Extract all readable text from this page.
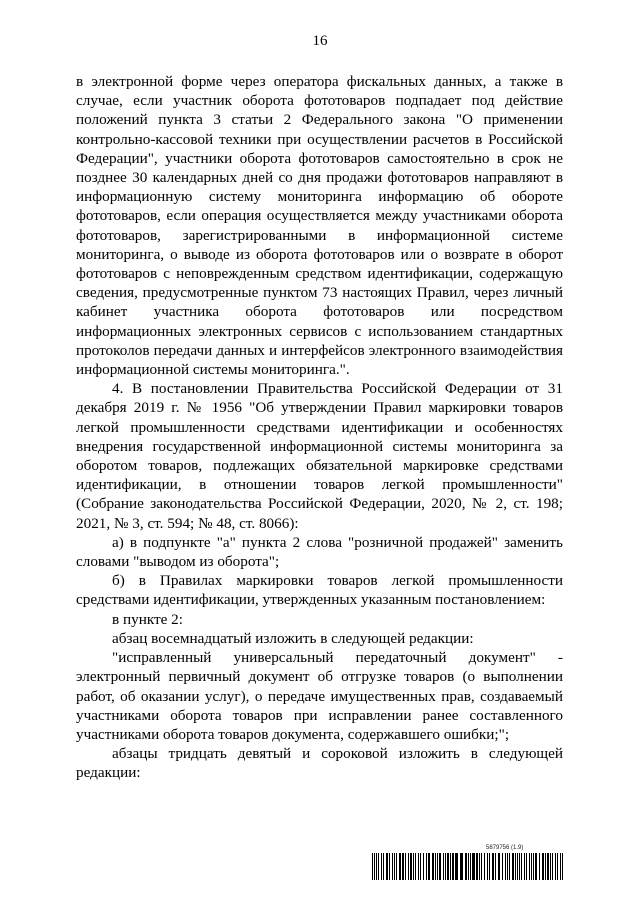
16

в электронной форме через оператора фискальных данных, а также в случае, если участник оборота фототоваров подпадает под действие положений пункта 3 статьи 2 Федерального закона "О применении контрольно-кассовой техники при осуществлении расчетов в Российской Федерации", участники оборота фототоваров самостоятельно в срок не позднее 30 календарных дней со дня продажи фототоваров направляют в информационную систему мониторинга информацию об обороте фототоваров, если операция осуществляется между участниками оборота фототоваров, зарегистрированными в информационной системе мониторинга, о выводе из оборота фототоваров или о возврате в оборот фототоваров с неповрежденным средством идентификации, содержащую сведения, предусмотренные пунктом 73 настоящих Правил, через личный кабинет участника оборота фототоваров или посредством информационных электронных сервисов с использованием стандартных протоколов передачи данных и интерфейсов электронного взаимодействия информационной системы мониторинга.".

4. В постановлении Правительства Российской Федерации от 31 декабря 2019 г. № 1956 "Об утверждении Правил маркировки товаров легкой промышленности средствами идентификации и особенностях внедрения государственной информационной системы мониторинга за оборотом товаров, подлежащих обязательной маркировке средствами идентификации, в отношении товаров легкой промышленности" (Собрание законодательства Российской Федерации, 2020, № 2, ст. 198; 2021, № 3, ст. 594; № 48, ст. 8066):

а) в подпункте "а" пункта 2 слова "розничной продажей" заменить словами "выводом из оборота";

б) в Правилах маркировки товаров легкой промышленности средствами идентификации, утвержденных указанным постановлением:

в пункте 2:

абзац восемнадцатый изложить в следующей редакции:

"исправленный универсальный передаточный документ" - электронный первичный документ об отгрузке товаров (о выполнении работ, об оказании услуг), о передаче имущественных прав, создаваемый участниками оборота товаров при исправлении ранее составленного участниками оборота товаров документа, содержавшего ошибки;";

абзацы тридцать девятый и сороковой изложить в следующей редакции:

5879756 (1.9)
